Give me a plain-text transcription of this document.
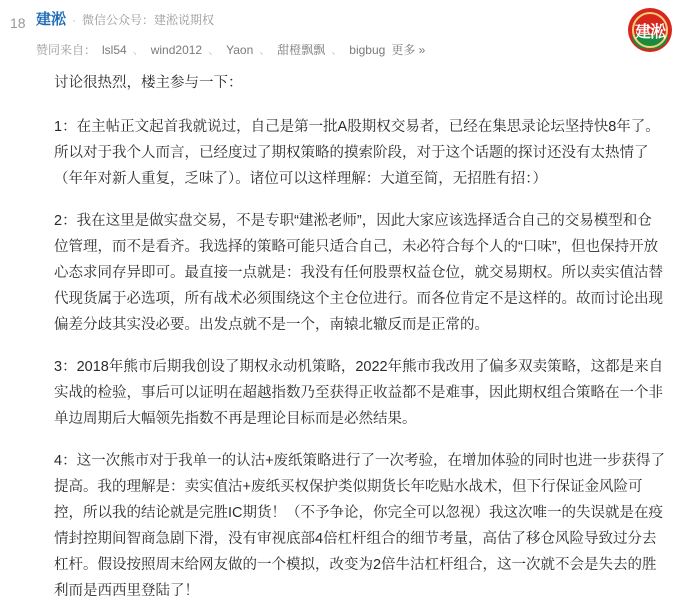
18 建淞 · 微信公众号： 建淞说期权
赞同来自： lsl54 、 wind2012 、 Yaon 、 甜橙飘飘 、 bigbug 更多 »
建淞

讨论很热烈，楼主参与一下：

1：在主帖正文起首我就说过，自己是第一批A股期权交易者，已经在集思录论坛坚持快8年了。所以对于我个人而言，已经度过了期权策略的摸索阶段，对于这个话题的探讨还没有太热情了（年年对新人重复，乏味了）。诸位可以这样理解：大道至简，无招胜有招：）

2：我在这里是做实盘交易，不是专职“建淞老师”，因此大家应该选择适合自己的交易模型和仓位管理，而不是看齐。我选择的策略可能只适合自己，未必符合每个人的“口味”，但也保持开放心态求同存异即可。最直接一点就是：我没有任何股票权益仓位，就交易期权。所以卖实值沽替代现货属于必选项，所有战术必须围绕这个主仓位进行。而各位肯定不是这样的。故而讨论出现偏差分歧其实没必要。出发点就不是一个，南辕北辙反而是正常的。

3：2018年熊市后期我创设了期权永动机策略，2022年熊市我改用了偏多双卖策略，这都是来自实战的检验，事后可以证明在超越指数乃至获得正收益都不是难事，因此期权组合策略在一个非单边周期后大幅领先指数不再是理论目标而是必然结果。

4：这一次熊市对于我单一的认沽+废纸策略进行了一次考验，在增加体验的同时也进一步获得了提高。我的理解是：卖实值沽+废纸买权保护类似期货长年吃贴水战术，但下行保证金风险可控，所以我的结论就是完胜IC期货！（不予争论，你完全可以忽视）我这次唯一的失误就是在疫情封控期间智商急剧下滑，没有审视底部4倍杠杆组合的细节考量，高估了移仓风险导致过分去杠杆。假设按照周末给网友做的一个模拟，改变为2倍牛沽杠杆组合，这一次就不会是失去的胜利而是西西里登陆了！
